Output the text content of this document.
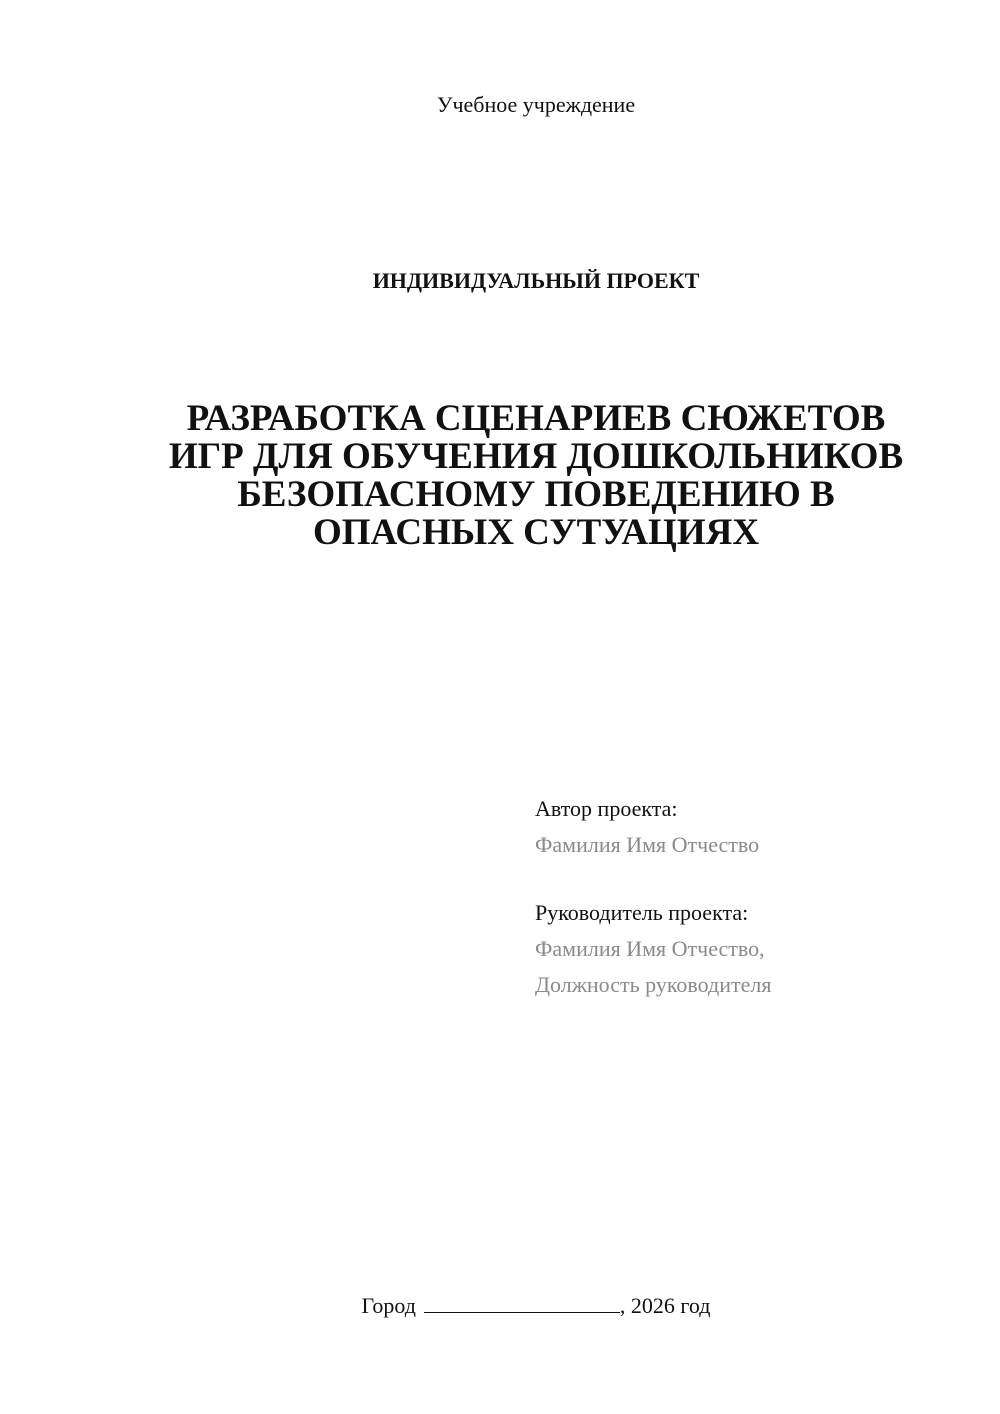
Учебное учреждение
ИНДИВИДУАЛЬНЫЙ ПРОЕКТ
РАЗРАБОТКА СЦЕНАРИЕВ СЮЖЕТОВ
ИГР ДЛЯ ОБУЧЕНИЯ ДОШКОЛЬНИКОВ
БЕЗОПАСНОМУ ПОВЕДЕНИЮ В
ОПАСНЫХ СУТУАЦИЯХ
Автор проекта:
Фамилия Имя Отчество
Руководитель проекта:
Фамилия Имя Отчество,
Должность руководителя
Город	, 2026 год
